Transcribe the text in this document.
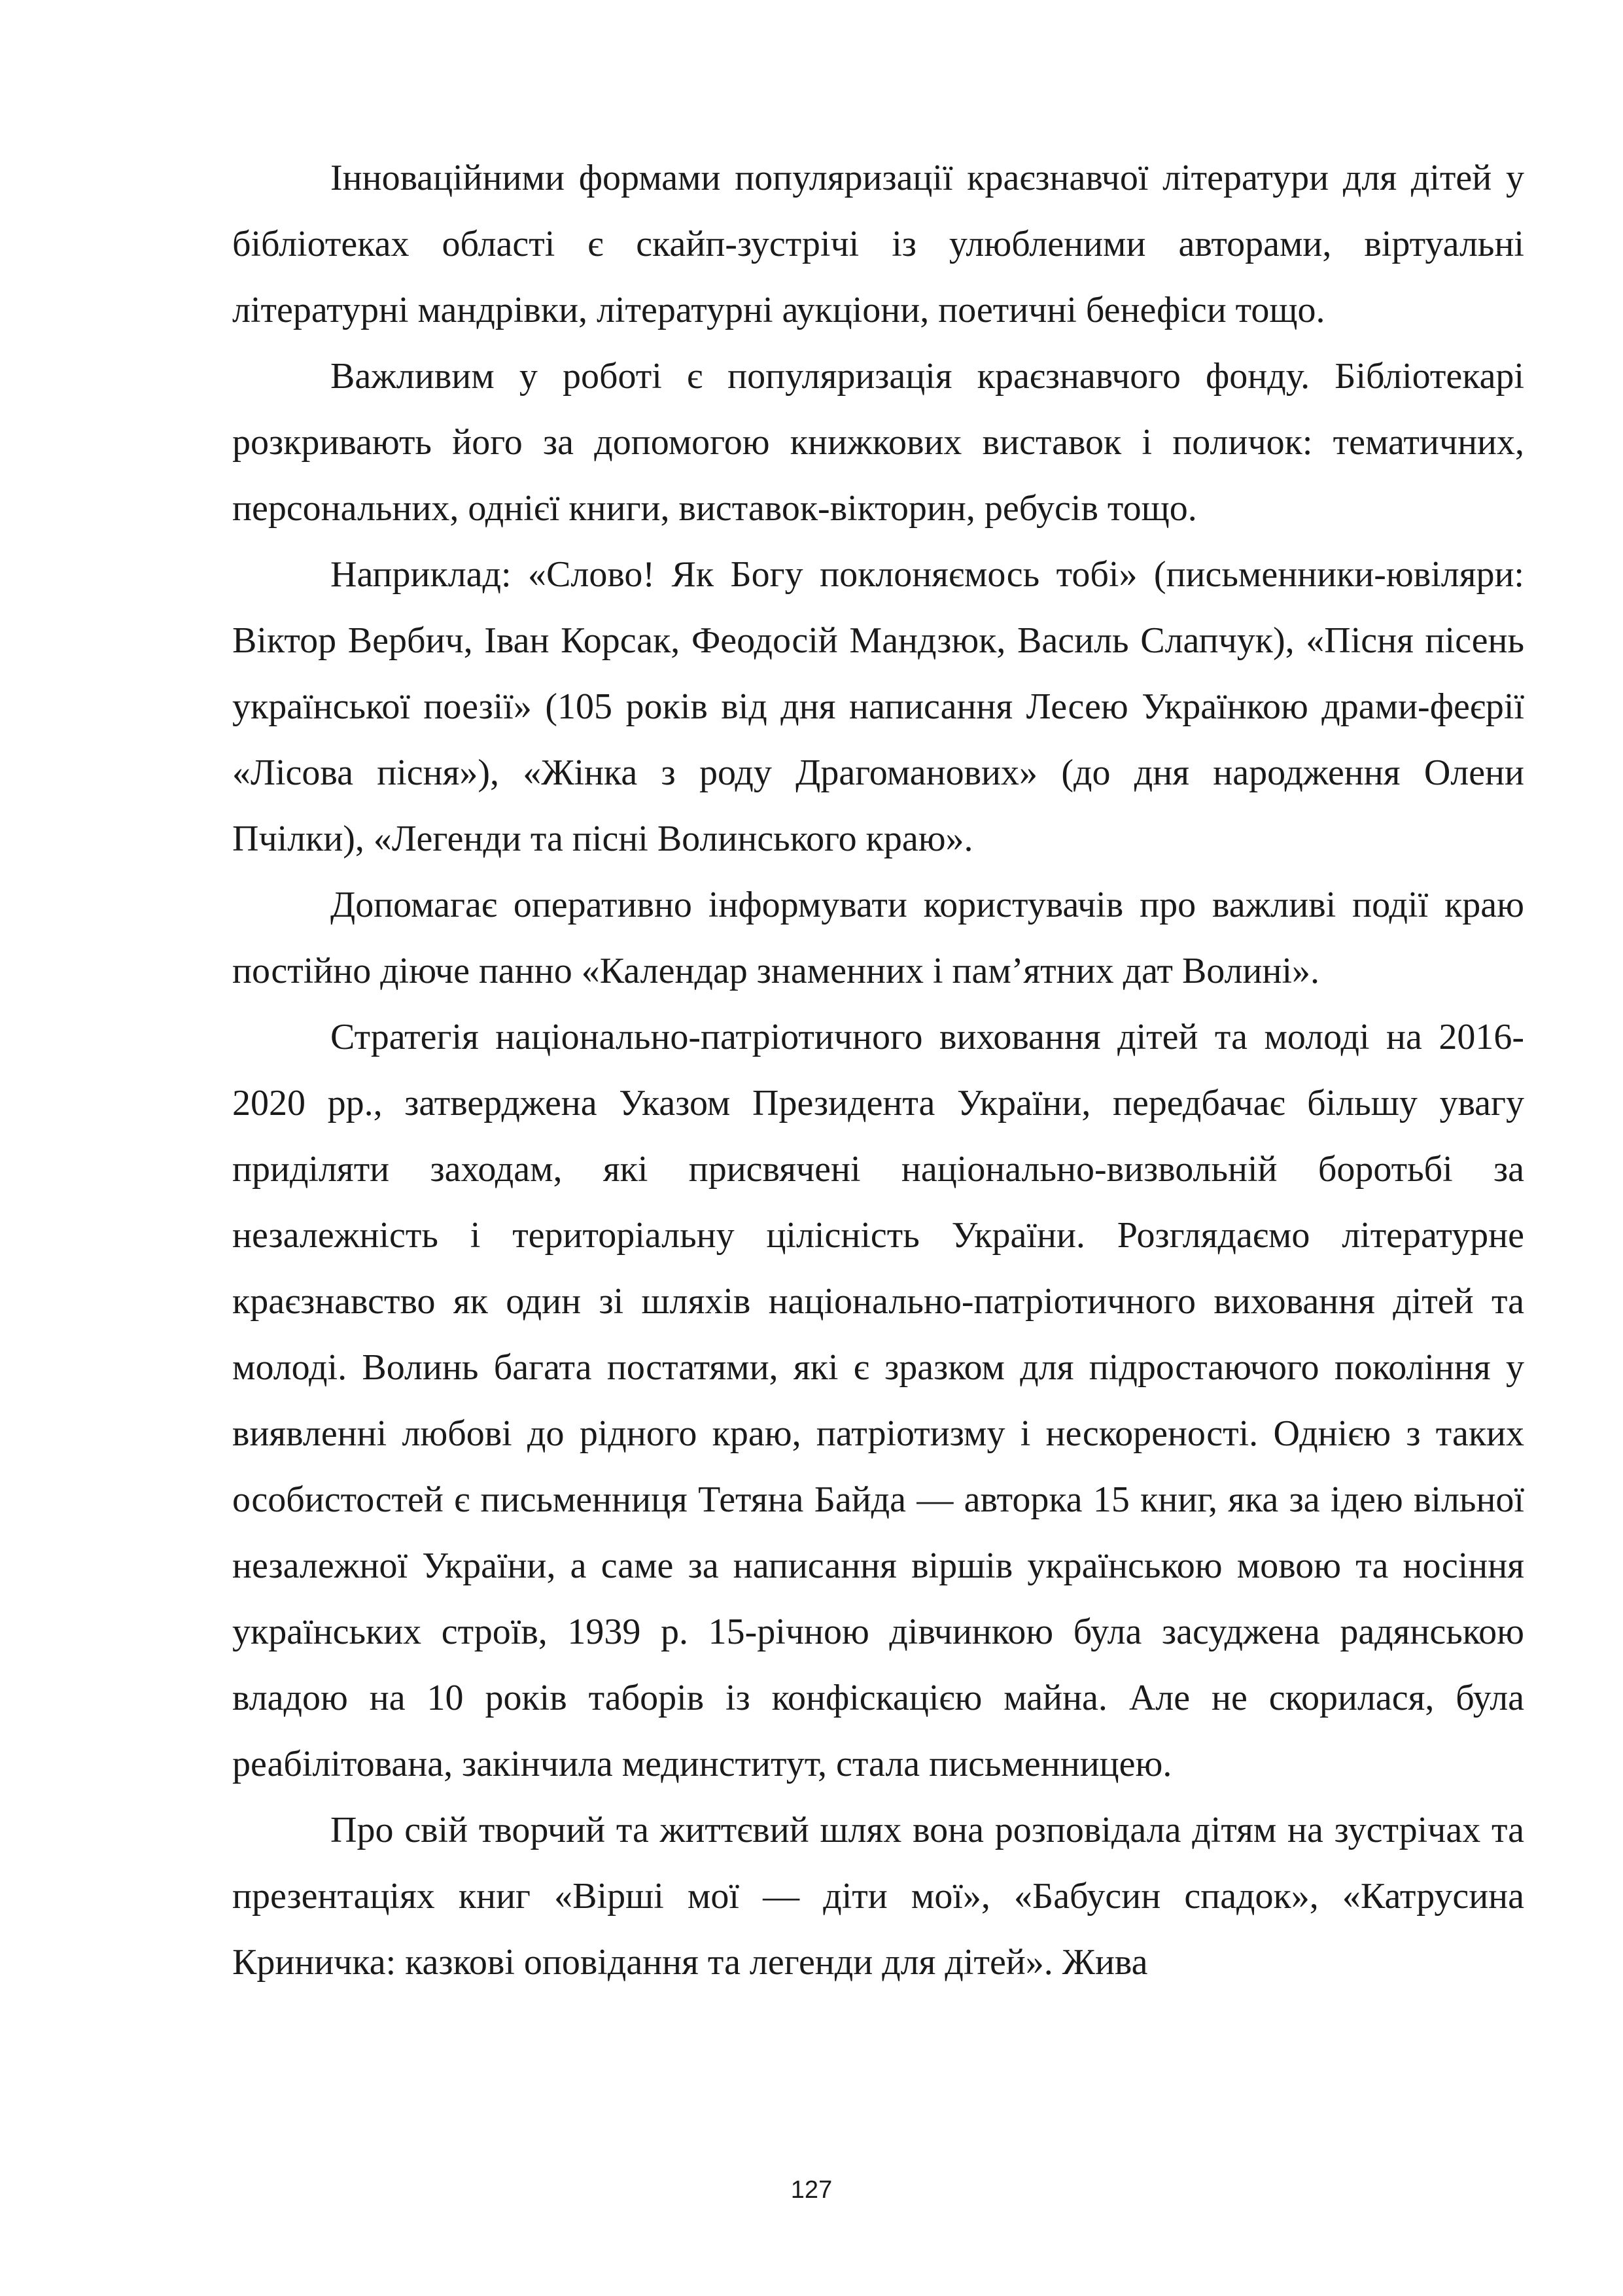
Інноваційними формами популяризації краєзнавчої літератури для дітей у бібліотеках області є скайп-зустрічі із улюбленими авторами, віртуальні літературні мандрівки, літературні аукціони, поетичні бенефіси тощо.

Важливим у роботі є популяризація краєзнавчого фонду. Бібліотекарі розкривають його за допомогою книжкових виставок і поличок: тематичних, персональних, однієї книги, виставок-вікторин, ребусів тощо.

Наприклад: «Слово! Як Богу поклоняємось тобі» (письменники-ювіляри: Віктор Вербич, Іван Корсак, Феодосій Мандзюк, Василь Слапчук), «Пісня пісень української поезії» (105 років від дня написання Лесею Українкою драми-феєрії «Лісова пісня»), «Жінка з роду Драгоманових» (до дня народження Олени Пчілки), «Легенди та пісні Волинського краю».

Допомагає оперативно інформувати користувачів про важливі події краю постійно діюче панно «Календар знаменних і пам’ятних дат Волині».

Стратегія національно-патріотичного виховання дітей та молоді на 2016-2020 рр., затверджена Указом Президента України, передбачає більшу увагу приділяти заходам, які присвячені національно-визвольній боротьбі за незалежність і територіальну цілісність України. Розглядаємо літературне краєзнавство як один зі шляхів національно-патріотичного виховання дітей та молоді. Волинь багата постатями, які є зразком для підростаючого покоління у виявленні любові до рідного краю, патріотизму і нескореності. Однією з таких особистостей є письменниця Тетяна Байда — авторка 15 книг, яка за ідею вільної незалежної України, а саме за написання віршів українською мовою та носіння українських строїв, 1939 р. 15-річною дівчинкою була засуджена радянською владою на 10 років таборів із конфіскацією майна. Але не скорилася, була реабілітована, закінчила мединститут, стала письменницею.

Про свій творчий та життєвий шлях вона розповідала дітям на зустрічах та презентаціях книг «Вірші мої — діти мої», «Бабусин спадок», «Катрусина Криничка: казкові оповідання та легенди для дітей». Жива

127
